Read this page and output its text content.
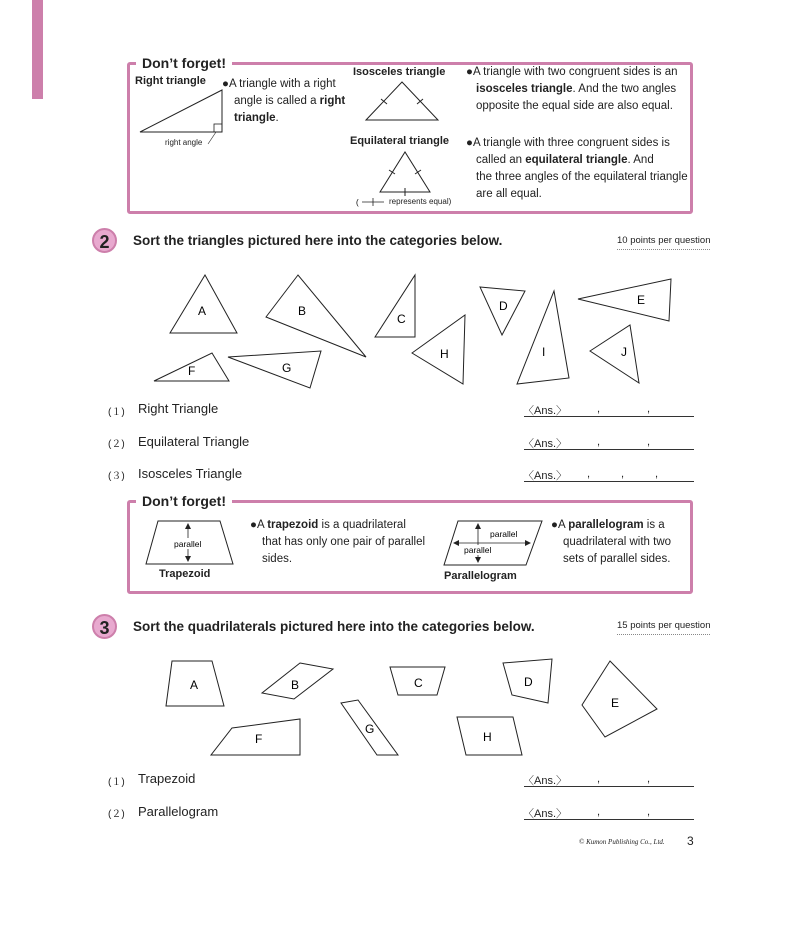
Don’t forget!
Right triangle
right angle
●A triangle with a right
angle is called a right
triangle.
Isosceles triangle ●A triangle with two congruent sides is an
isosceles triangle. And the two angles
opposite the equal side are also equal.
Equilateral triangle
(	represents equal)
●A triangle with three congruent sides is
called an equilateral triangle. And
the three angles of the equilateral triangle
are all equal.
2	Sort the triangles pictured here into the categories below.	10 points per question
A	B
C
D	E
F	G
H	I	J
(１) Right Triangle	〈Ans.〉	,	,
(２) Equilateral Triangle	〈Ans.〉	,	,
(３) Isosceles Triangle	〈Ans.〉 ,	,	,
Don’t forget!
parallel
Trapezoid
●A trapezoid is a quadrilateral
that has only one pair of parallel
sides.
parallel
parallel
Parallelogram
●A parallelogram is a
quadrilateral with two
sets of parallel sides.
3	Sort the quadrilaterals pictured here into the categories below.	15 points per question
A	B	C	D
E
F
G
H
(１) Trapezoid	〈Ans.〉	,	,
(２) Parallelogram	〈Ans.〉	,	,
© Kumon Publishing Co., Ltd. 3
